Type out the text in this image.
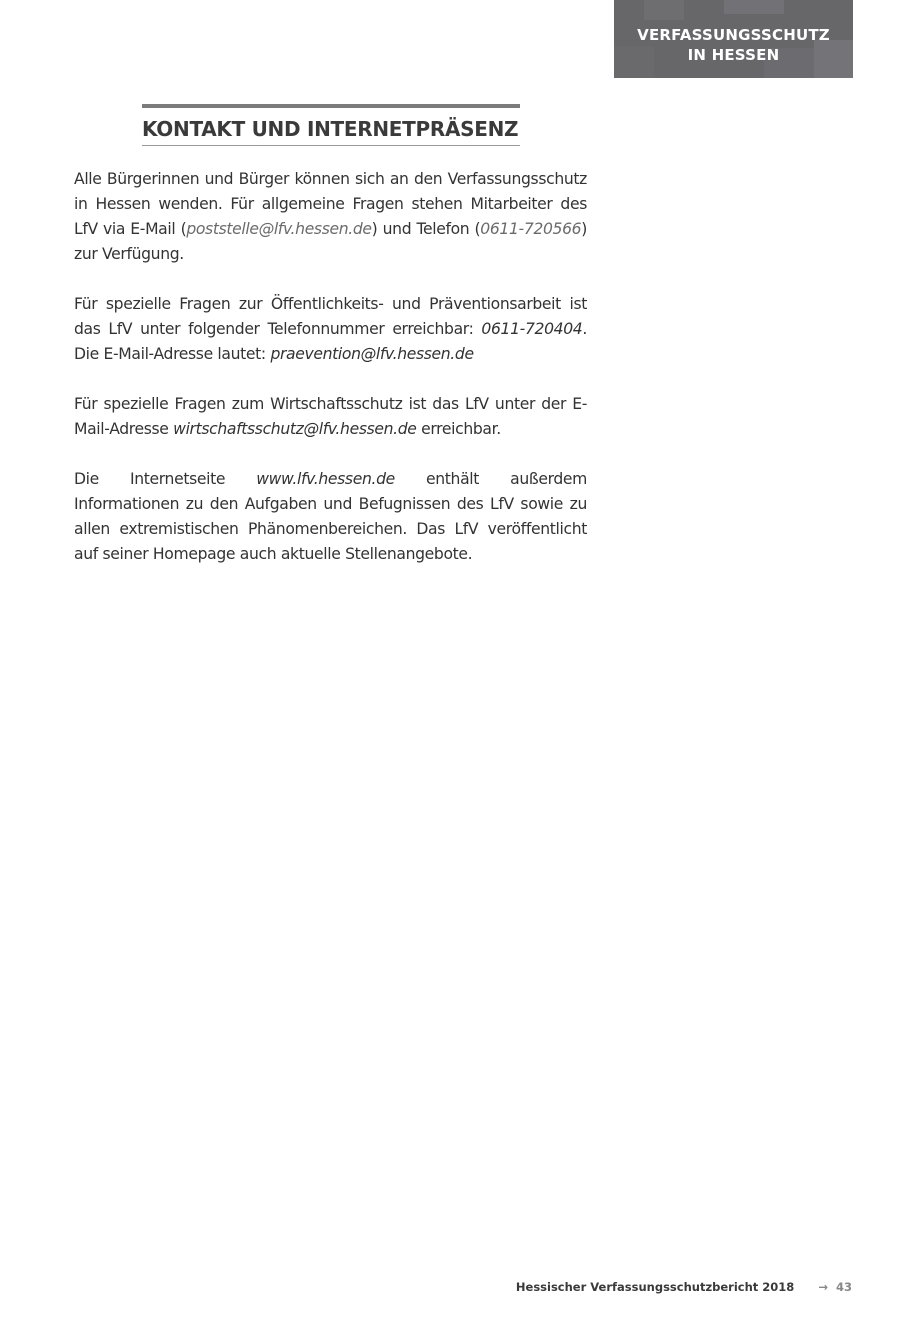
VERFASSUNGSSCHUTZ
IN HESSEN
KONTAKT UND INTERNETPRÄSENZ

Alle Bürgerinnen und Bürger können sich an den Verfassungsschutz in Hessen wenden. Für allgemeine Fragen stehen Mitarbeiter des LfV via E-Mail (poststelle@lfv.hessen.de) und Telefon (0611-720566) zur Verfügung.

Für spezielle Fragen zur Öffentlichkeits- und Präventionsarbeit ist das LfV unter folgender Telefonnummer erreichbar: 0611-720404. Die E-Mail-Adresse lautet: praevention@lfv.hessen.de

Für spezielle Fragen zum Wirtschaftsschutz ist das LfV unter der E-Mail-Adresse wirtschaftsschutz@lfv.hessen.de erreichbar.

Die Internetseite www.lfv.hessen.de enthält außerdem Informationen zu den Aufgaben und Befugnissen des LfV sowie zu allen extremistischen Phänomenbereichen. Das LfV veröffentlicht auf seiner Homepage auch aktuelle Stellenangebote.

Hessischer Verfassungsschutzbericht 2018 → 43
